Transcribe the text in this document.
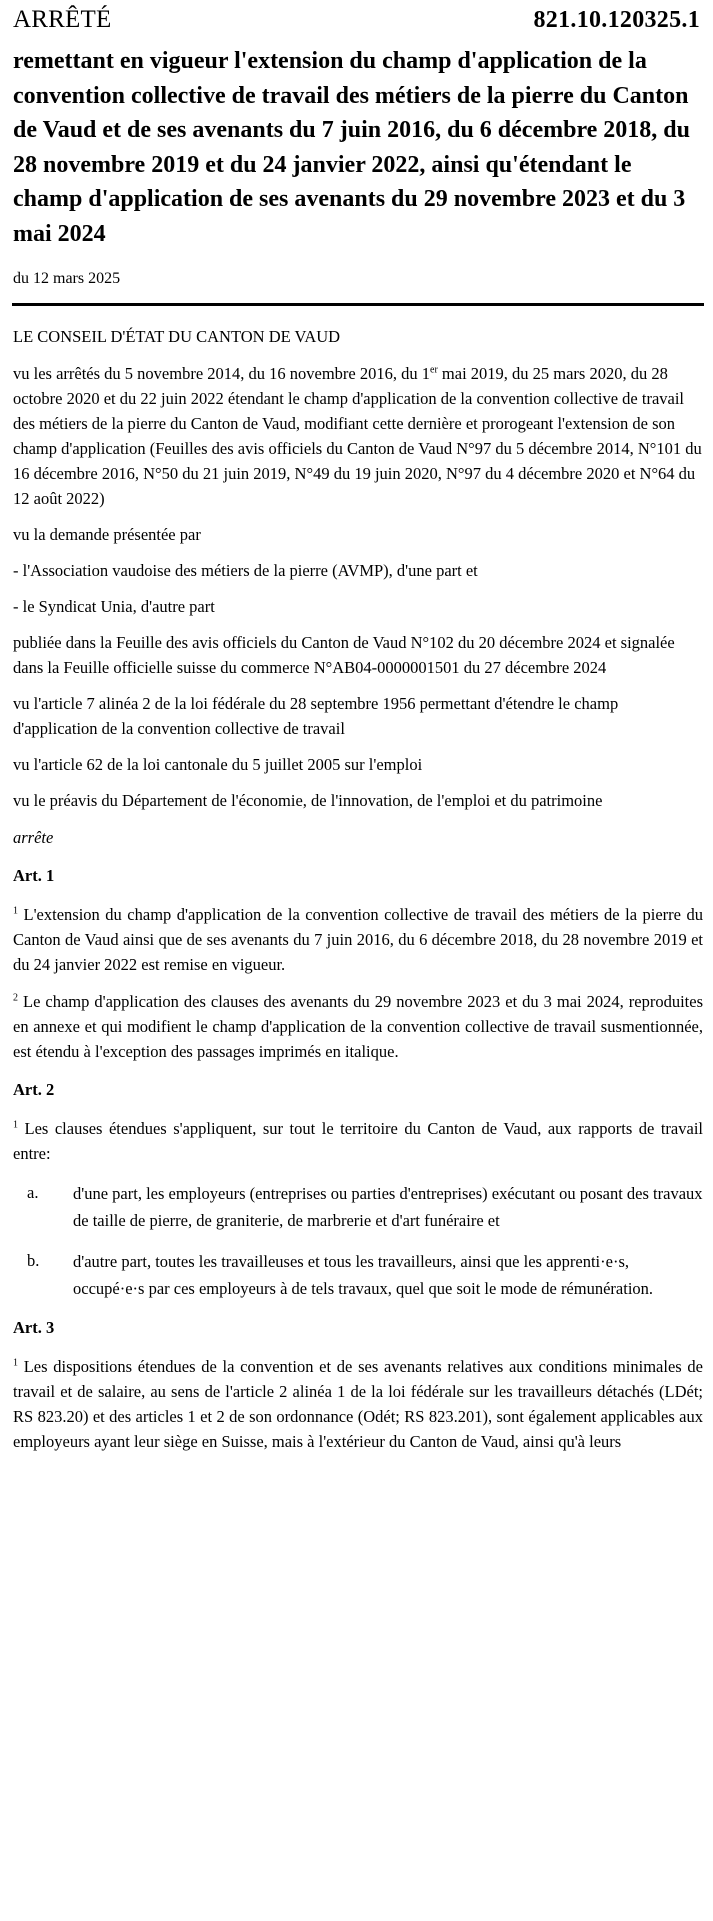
ARRÊTÉ	821.10.120325.1
remettant en vigueur l'extension du champ d'application de la convention collective de travail des métiers de la pierre du Canton de Vaud et de ses avenants du 7 juin 2016, du 6 décembre 2018, du 28 novembre 2019 et du 24 janvier 2022, ainsi qu'étendant le champ d'application de ses avenants du 29 novembre 2023 et du 3 mai 2024
du 12 mars 2025
LE CONSEIL D'ÉTAT DU CANTON DE VAUD
vu les arrêtés du 5 novembre 2014, du 16 novembre 2016, du 1er mai 2019, du 25 mars 2020, du 28 octobre 2020 et du 22 juin 2022 étendant le champ d'application de la convention collective de travail des métiers de la pierre du Canton de Vaud, modifiant cette dernière et prorogeant l'extension de son champ d'application (Feuilles des avis officiels du Canton de Vaud N°97 du 5 décembre 2014, N°101 du 16 décembre 2016, N°50 du 21 juin 2019, N°49 du 19 juin 2020, N°97 du 4 décembre 2020 et N°64 du 12 août 2022)
vu la demande présentée par
- l'Association vaudoise des métiers de la pierre (AVMP), d'une part et
- le Syndicat Unia, d'autre part
publiée dans la Feuille des avis officiels du Canton de Vaud N°102 du 20 décembre 2024 et signalée dans la Feuille officielle suisse du commerce N°AB04-0000001501 du 27 décembre 2024
vu l'article 7 alinéa 2 de la loi fédérale du 28 septembre 1956 permettant d'étendre le champ d'application de la convention collective de travail
vu l'article 62 de la loi cantonale du 5 juillet 2005 sur l'emploi
vu le préavis du Département de l'économie, de l'innovation, de l'emploi et du patrimoine
arrête
Art. 1
$^1$ L'extension du champ d'application de la convention collective de travail des métiers de la pierre du Canton de Vaud ainsi que de ses avenants du 7 juin 2016, du 6 décembre 2018, du 28 novembre 2019 et du 24 janvier 2022 est remise en vigueur.
$^2$ Le champ d'application des clauses des avenants du 29 novembre 2023 et du 3 mai 2024, reproduites en annexe et qui modifient le champ d'application de la convention collective de travail susmentionnée, est étendu à l'exception des passages imprimés en italique.
Art. 2
$^1$ Les clauses étendues s'appliquent, sur tout le territoire du Canton de Vaud, aux rapports de travail entre:
a.	d'une part, les employeurs (entreprises ou parties d'entreprises) exécutant ou posant des travaux de taille de pierre, de graniterie, de marbrerie et d'art funéraire et
b.	d'autre part, toutes les travailleuses et tous les travailleurs, ainsi que les apprenti·e·s, occupé·e·s par ces employeurs à de tels travaux, quel que soit le mode de rémunération.
Art. 3
$^1$ Les dispositions étendues de la convention et de ses avenants relatives aux conditions minimales de travail et de salaire, au sens de l'article 2 alinéa 1 de la loi fédérale sur les travailleurs détachés (LDét; RS 823.20) et des articles 1 et 2 de son ordonnance (Odét; RS 823.201), sont également applicables aux employeurs ayant leur siège en Suisse, mais à l'extérieur du Canton de Vaud, ainsi qu'à leurs
